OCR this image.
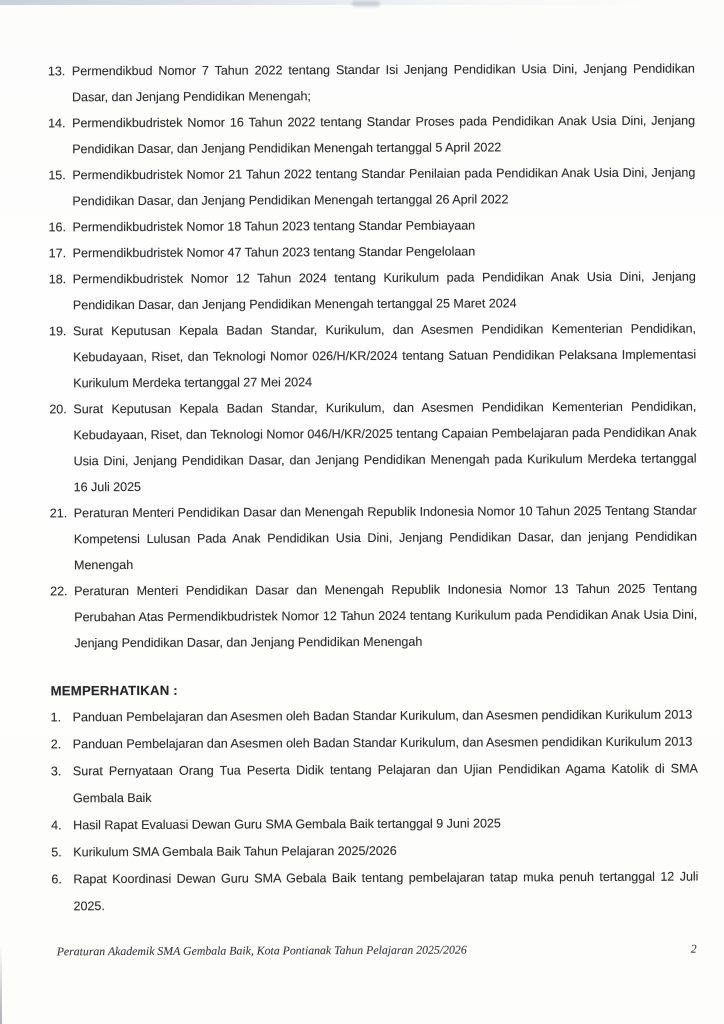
13. Permendikbud Nomor 7 Tahun 2022 tentang Standar Isi Jenjang Pendidikan Usia Dini, Jenjang Pendidikan Dasar, dan Jenjang Pendidikan Menengah;
14. Permendikbudristek Nomor 16 Tahun 2022 tentang Standar Proses pada Pendidikan Anak Usia Dini, Jenjang Pendidikan Dasar, dan Jenjang Pendidikan Menengah tertanggal 5 April 2022
15. Permendikbudristek Nomor 21 Tahun 2022 tentang Standar Penilaian pada Pendidikan Anak Usia Dini, Jenjang Pendidikan Dasar, dan Jenjang Pendidikan Menengah tertanggal 26 April 2022
16. Permendikbudristek Nomor 18 Tahun 2023 tentang Standar Pembiayaan
17. Permendikbudristek Nomor 47 Tahun 2023 tentang Standar Pengelolaan
18. Permendikbudristek Nomor 12 Tahun 2024 tentang Kurikulum pada Pendidikan Anak Usia Dini, Jenjang Pendidikan Dasar, dan Jenjang Pendidikan Menengah tertanggal 25 Maret 2024
19. Surat Keputusan Kepala Badan Standar, Kurikulum, dan Asesmen Pendidikan Kementerian Pendidikan, Kebudayaan, Riset, dan Teknologi Nomor 026/H/KR/2024 tentang Satuan Pendidikan Pelaksana Implementasi Kurikulum Merdeka tertanggal 27 Mei 2024
20. Surat Keputusan Kepala Badan Standar, Kurikulum, dan Asesmen Pendidikan Kementerian Pendidikan, Kebudayaan, Riset, dan Teknologi Nomor 046/H/KR/2025 tentang Capaian Pembelajaran pada Pendidikan Anak Usia Dini, Jenjang Pendidikan Dasar, dan Jenjang Pendidikan Menengah pada Kurikulum Merdeka tertanggal 16 Juli 2025
21. Peraturan Menteri Pendidikan Dasar dan Menengah Republik Indonesia Nomor 10 Tahun 2025 Tentang Standar Kompetensi Lulusan Pada Anak Pendidikan Usia Dini, Jenjang Pendidikan Dasar, dan jenjang Pendidikan Menengah
22. Peraturan Menteri Pendidikan Dasar dan Menengah Republik Indonesia Nomor 13 Tahun 2025 Tentang Perubahan Atas Permendikbudristek Nomor 12 Tahun 2024 tentang Kurikulum pada Pendidikan Anak Usia Dini, Jenjang Pendidikan Dasar, dan Jenjang Pendidikan Menengah
MEMPERHATIKAN :
1. Panduan Pembelajaran dan Asesmen oleh Badan Standar Kurikulum, dan Asesmen pendidikan Kurikulum 2013
2. Panduan Pembelajaran dan Asesmen oleh Badan Standar Kurikulum, dan Asesmen pendidikan Kurikulum 2013
3. Surat Pernyataan Orang Tua Peserta Didik tentang Pelajaran dan Ujian Pendidikan Agama Katolik di SMA Gembala Baik
4. Hasil Rapat Evaluasi Dewan Guru SMA Gembala Baik tertanggal 9 Juni 2025
5. Kurikulum SMA Gembala Baik Tahun Pelajaran 2025/2026
6. Rapat Koordinasi Dewan Guru SMA Gebala Baik tentang pembelajaran tatap muka penuh tertanggal 12 Juli 2025.
Peraturan Akademik SMA Gembala Baik, Kota Pontianak Tahun Pelajaran 2025/2026	2
